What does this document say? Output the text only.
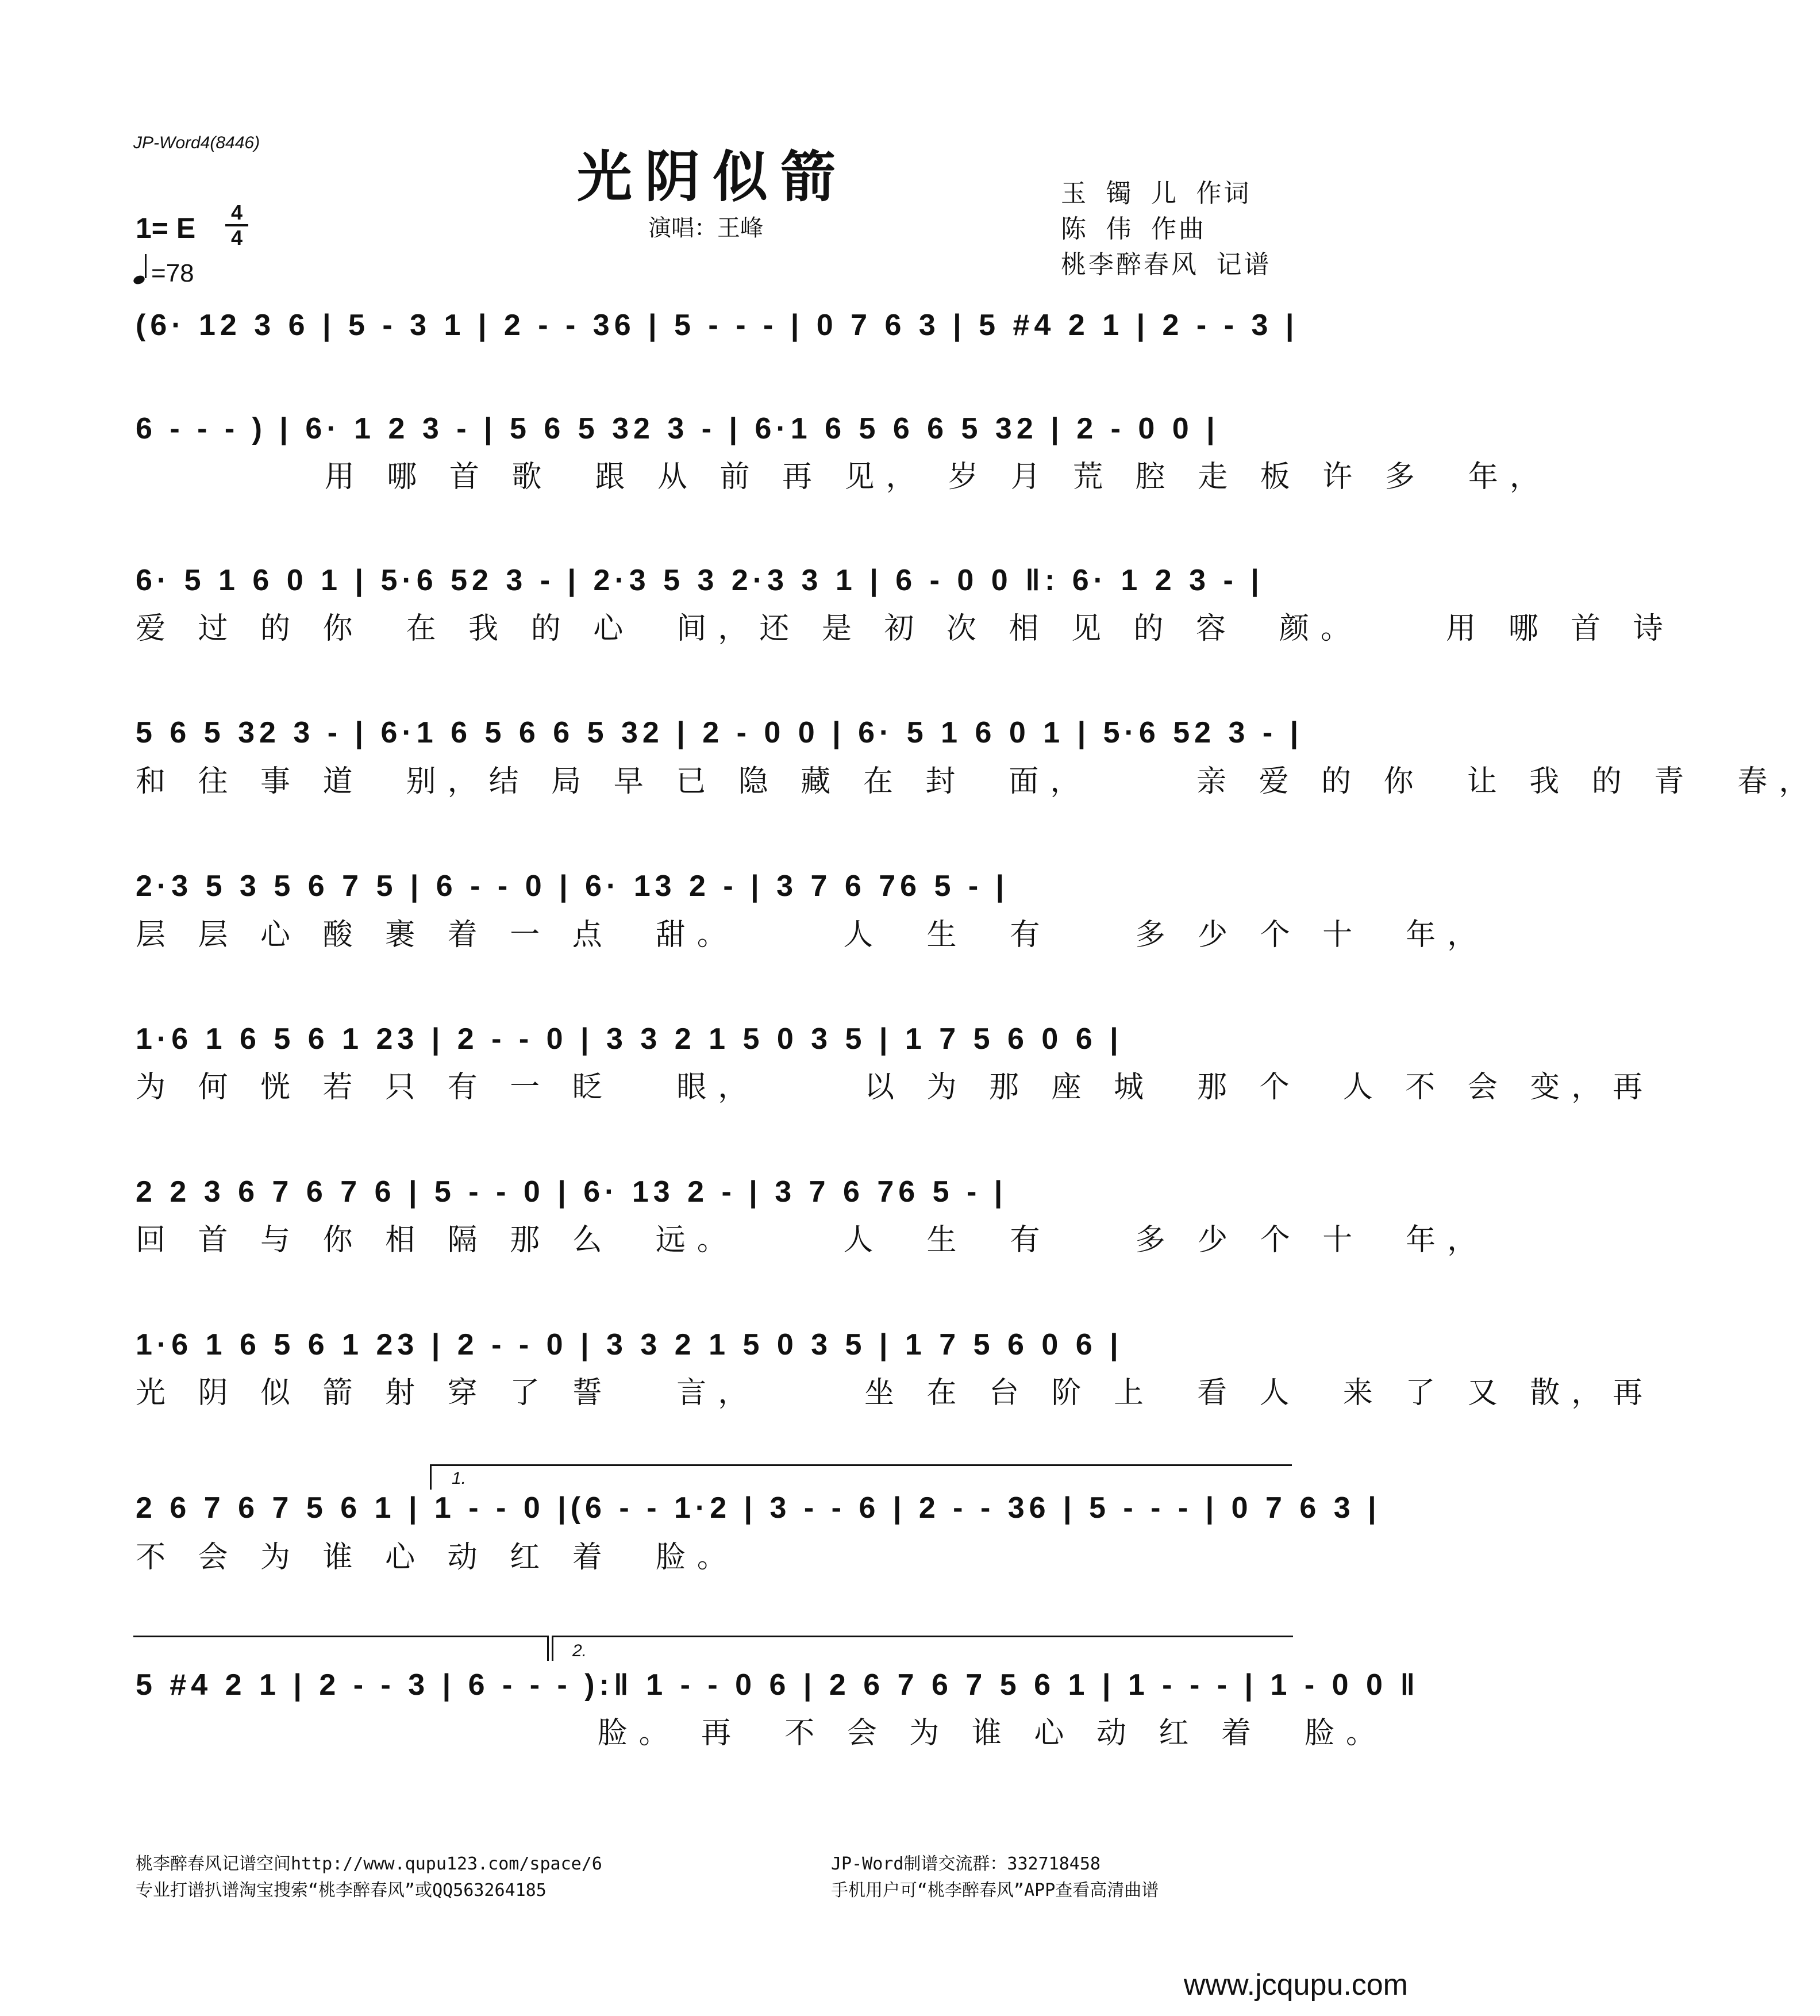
JP-Word4(8446)
光阴似箭
演唱：王峰
玉 镯 儿 作词
陈 伟 作曲
桃李醉春风 记谱
1= E 4
4
=78
(6· 12 3 6 | 5 - 3 1 | 2 - - 36 | 5 - - - | 0 7 6 3 | 5 #4 2 1 | 2 - - 3 |
6 - - - ) | 6· 1 2 3 - | 5 6 5 32 3 - | 6·1 6 5 6 6 5 32 | 2 - 0 0 |
用 哪 首 歌  跟 从 前 再 见， 岁 月 荒 腔 走 板 许 多  年，
6· 5 1 6 0 1 | 5·6 52 3 - | 2·3 5 3 2·3 3 1 | 6 - 0 0 ‖: 6· 1 2 3 - |
爱 过 的 你  在 我 的 心  间，还 是 初 次 相 见 的 容  颜。    用 哪 首 诗
5 6 5 32 3 - | 6·1 6 5 6 6 5 32 | 2 - 0 0 | 6· 5 1 6 0 1 | 5·6 52 3 - |
和 往 事 道  别，结 局 早 已 隐 藏 在 封  面，     亲 爱 的 你  让 我 的 青  春，
2·3 5 3 5 6 7 5 | 6 - - 0 | 6· 13 2 - | 3 7 6 76 5 - |
层 层 心 酸 裹 着 一 点  甜。     人  生  有    多 少 个 十  年，
1·6 1 6 5 6 1 23 | 2 - - 0 | 3 3 2 1 5 0 3 5 | 1 7 5 6 0 6 |
为 何 恍 若 只 有 一 眨   眼，     以 为 那 座 城  那 个  人 不 会 变，再
2 2 3 6 7 6 7 6 | 5 - - 0 | 6· 13 2 - | 3 7 6 76 5 - |
回 首 与 你 相 隔 那 么  远。     人  生  有    多 少 个 十  年，
1·6 1 6 5 6 1 23 | 2 - - 0 | 3 3 2 1 5 0 3 5 | 1 7 5 6 0 6 |
光 阴 似 箭 射 穿 了 誓   言，     坐 在 台 阶 上  看 人  来 了 又 散，再
1.
2 6 7 6 7 5 6 1 | 1 - - 0 |(6 - - 1·2 | 3 - - 6 | 2 - - 36 | 5 - - - | 0 7 6 3 |
不 会 为 谁 心 动 红 着  脸。
2.
5 #4 2 1 | 2 - - 3 | 6 - - - ):‖ 1 - - 0 6 | 2 6 7 6 7 5 6 1 | 1 - - - | 1 - 0 0 ‖
脸。 再  不 会 为 谁 心 动 红 着  脸。
桃李醉春风记谱空间http://www.qupu123.com/space/6
专业打谱扒谱淘宝搜索“桃李醉春风”或QQ563264185
JP-Word制谱交流群：332718458
手机用户可“桃李醉春风”APP查看高清曲谱
www.jcqupu.com
